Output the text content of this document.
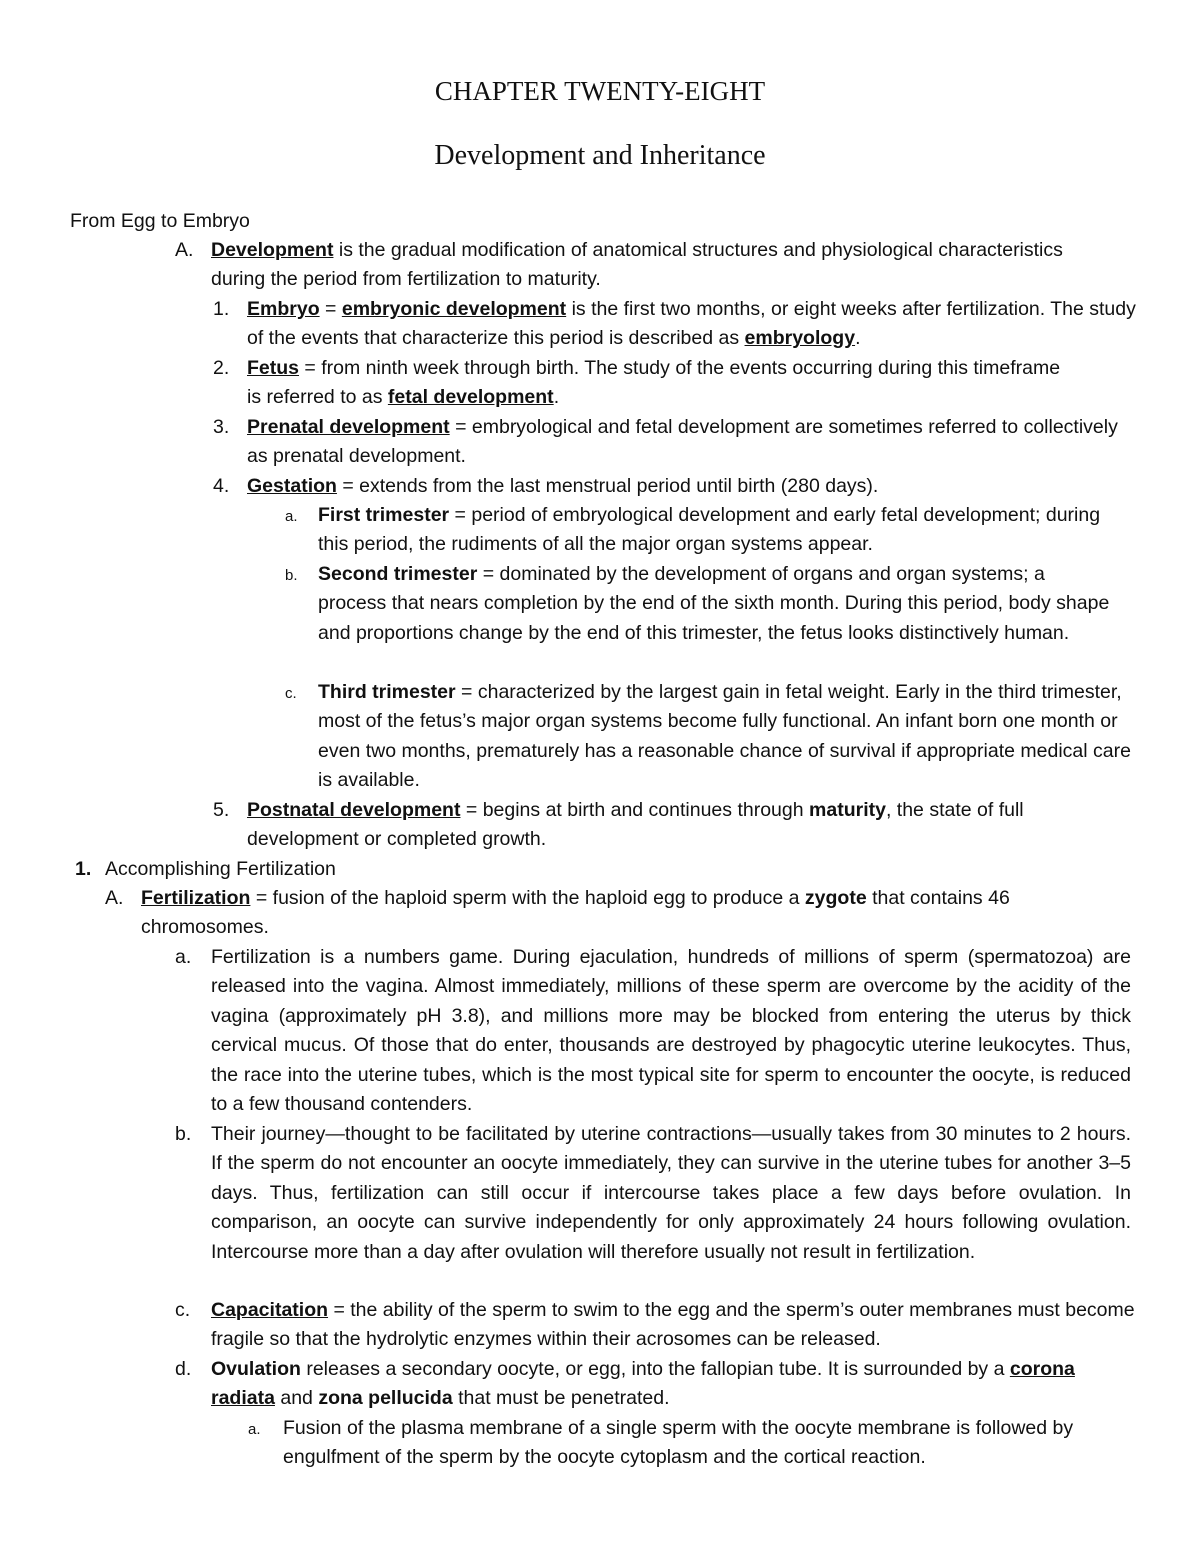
CHAPTER TWENTY-EIGHT
Development and Inheritance
From Egg to Embryo
A. Development is the gradual modification of anatomical structures and physiological characteristics during the period from fertilization to maturity.

1. Embryo = embryonic development is the first two months, or eight weeks after fertilization. The study of the events that characterize this period is described as embryology.

2. Fetus = from ninth week through birth. The study of the events occurring during this timeframe is referred to as fetal development.

3. Prenatal development = embryological and fetal development are sometimes referred to collectively as prenatal development.

4. Gestation = extends from the last menstrual period until birth (280 days).

a. First trimester = period of embryological development and early fetal development; during this period, the rudiments of all the major organ systems appear.

b. Second trimester = dominated by the development of organs and organ systems; a process that nears completion by the end of the sixth month. During this period, body shape and proportions change by the end of this trimester, the fetus looks distinctively human.

c. Third trimester = characterized by the largest gain in fetal weight. Early in the third trimester, most of the fetus’s major organ systems become fully functional. An infant born one month or even two months, prematurely has a reasonable chance of survival if appropriate medical care is available.

5. Postnatal development = begins at birth and continues through maturity, the state of full development or completed growth.

1. Accomplishing Fertilization
A. Fertilization = fusion of the haploid sperm with the haploid egg to produce a zygote that contains 46 chromosomes.

a. Fertilization is a numbers game. During ejaculation, hundreds of millions of sperm (spermatozoa) are released into the vagina. Almost immediately, millions of these sperm are overcome by the acidity of the vagina (approximately pH 3.8), and millions more may be blocked from entering the uterus by thick cervical mucus. Of those that do enter, thousands are destroyed by phagocytic uterine leukocytes. Thus, the race into the uterine tubes, which is the most typical site for sperm to encounter the oocyte, is reduced to a few thousand contenders.

b. Their journey—thought to be facilitated by uterine contractions—usually takes from 30 minutes to 2 hours. If the sperm do not encounter an oocyte immediately, they can survive in the uterine tubes for another 3–5 days. Thus, fertilization can still occur if intercourse takes place a few days before ovulation. In comparison, an oocyte can survive independently for only approximately 24 hours following ovulation. Intercourse more than a day after ovulation will therefore usually not result in fertilization.

c. Capacitation = the ability of the sperm to swim to the egg and the sperm’s outer membranes must become fragile so that the hydrolytic enzymes within their acrosomes can be released.

d. Ovulation releases a secondary oocyte, or egg, into the fallopian tube. It is surrounded by a corona radiata and zona pellucida that must be penetrated.

a. Fusion of the plasma membrane of a single sperm with the oocyte membrane is followed by engulfment of the sperm by the oocyte cytoplasm and the cortical reaction.
